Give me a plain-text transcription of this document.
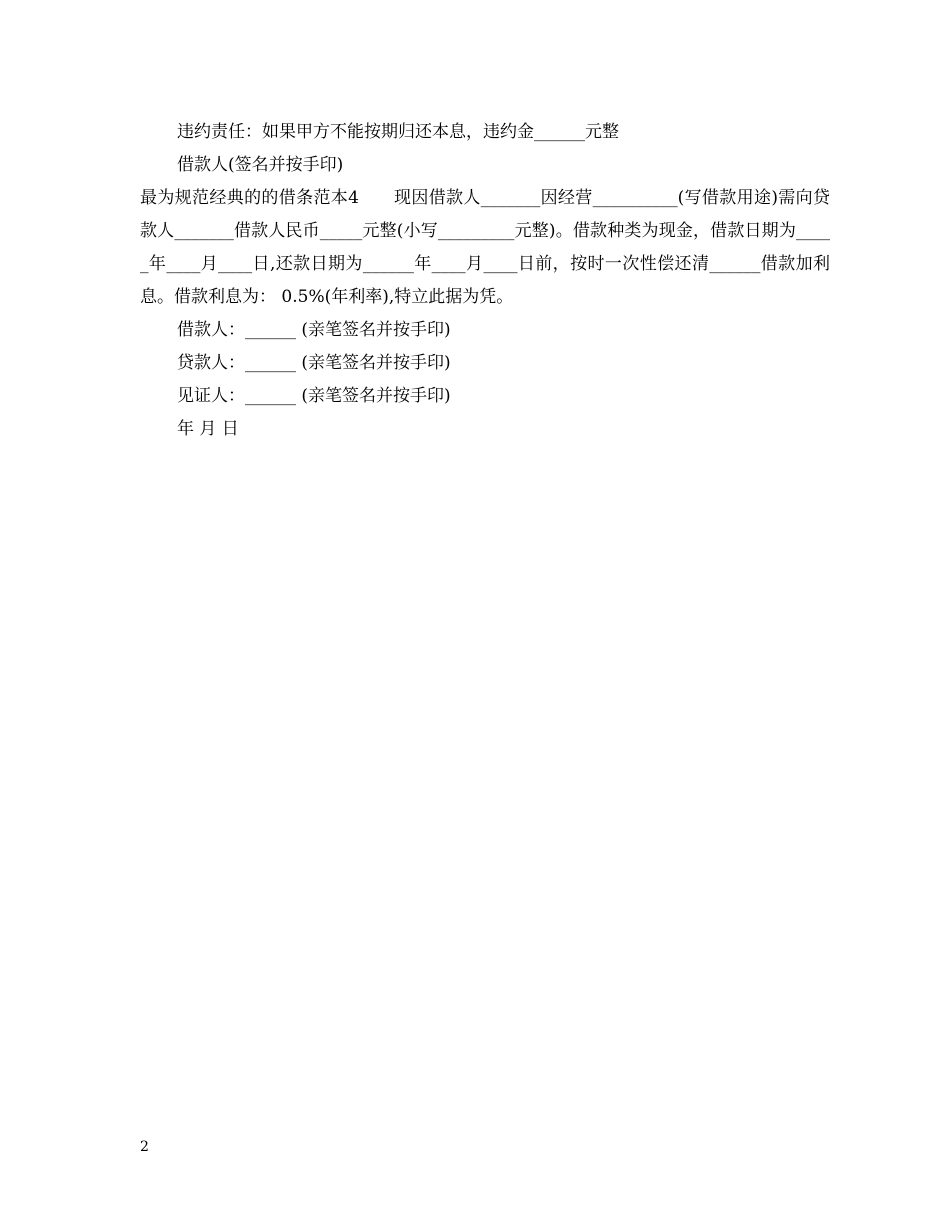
违约责任：如果甲方不能按期归还本息，违约金______元整
借款人(签名并按手印)
最为规范经典的的借条范本4　　现因借款人_______因经营__________(写借款用途)需向贷款人_______借款人民币_____元整(小写_________元整)。借款种类为现金，借款日期为_____年____月____日,还款日期为______年____月____日前，按时一次性偿还清______借款加利息。借款利息为： 0.5%(年利率),特立此据为凭。
借款人：______ (亲笔签名并按手印)
贷款人：______ (亲笔签名并按手印)
见证人：______ (亲笔签名并按手印)
年 月 日
2
